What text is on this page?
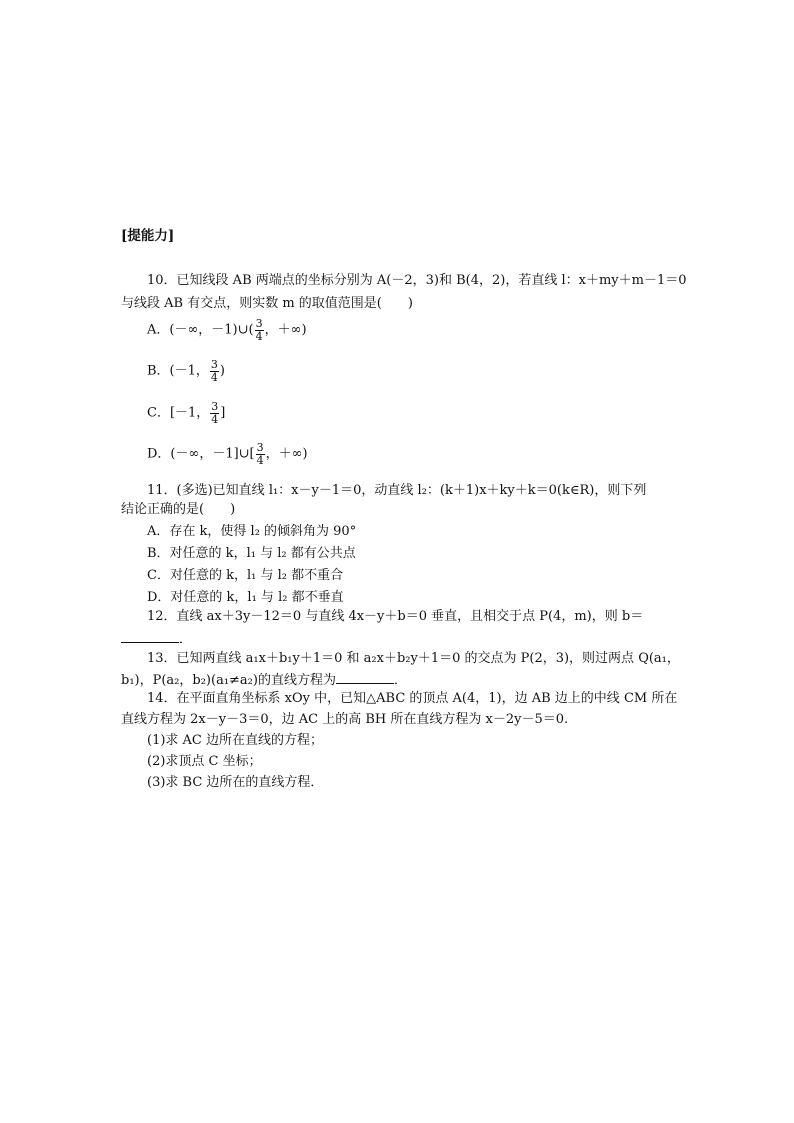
[提能力]
10．已知线段 AB 两端点的坐标分别为 A(－2，3)和 B(4，2)，若直线 l：x＋my＋m－1＝0
与线段 AB 有交点，则实数 m 的取值范围是(　　)
A．(－∞，－1)∪( $\frac{3}{4}$ ，＋∞)
B．(－1， $\frac{3}{4}$ )
C．[－1， $\frac{3}{4}$ ]
D．(－∞，－1]∪[ $\frac{3}{4}$ ，＋∞)
11．(多选)已知直线 l₁：x－y－1＝0，动直线 l₂：(k＋1)x＋ky＋k＝0(k∈R)，则下列
结论正确的是(　　)
A．存在 k，使得 l₂ 的倾斜角为 90°
B．对任意的 k，l₁ 与 l₂ 都有公共点
C．对任意的 k，l₁ 与 l₂ 都不重合
D．对任意的 k，l₁ 与 l₂ 都不垂直
12．直线 ax＋3y－12＝0 与直线 4x－y＋b＝0 垂直，且相交于点 P(4，m)，则 b＝
．
13．已知两直线 a₁x＋b₁y＋1＝0 和 a₂x＋b₂y＋1＝0 的交点为 P(2，3)，则过两点 Q(a₁，
b₁)，P(a₂，b₂)(a₁≠a₂)的直线方程为	．
14．在平面直角坐标系 xOy 中，已知△ABC 的顶点 A(4，1)，边 AB 边上的中线 CM 所在
直线方程为 2x－y－3＝0，边 AC 上的高 BH 所在直线方程为 x－2y－5＝0.
(1)求 AC 边所在直线的方程；
(2)求顶点 C 坐标；
(3)求 BC 边所在的直线方程．
